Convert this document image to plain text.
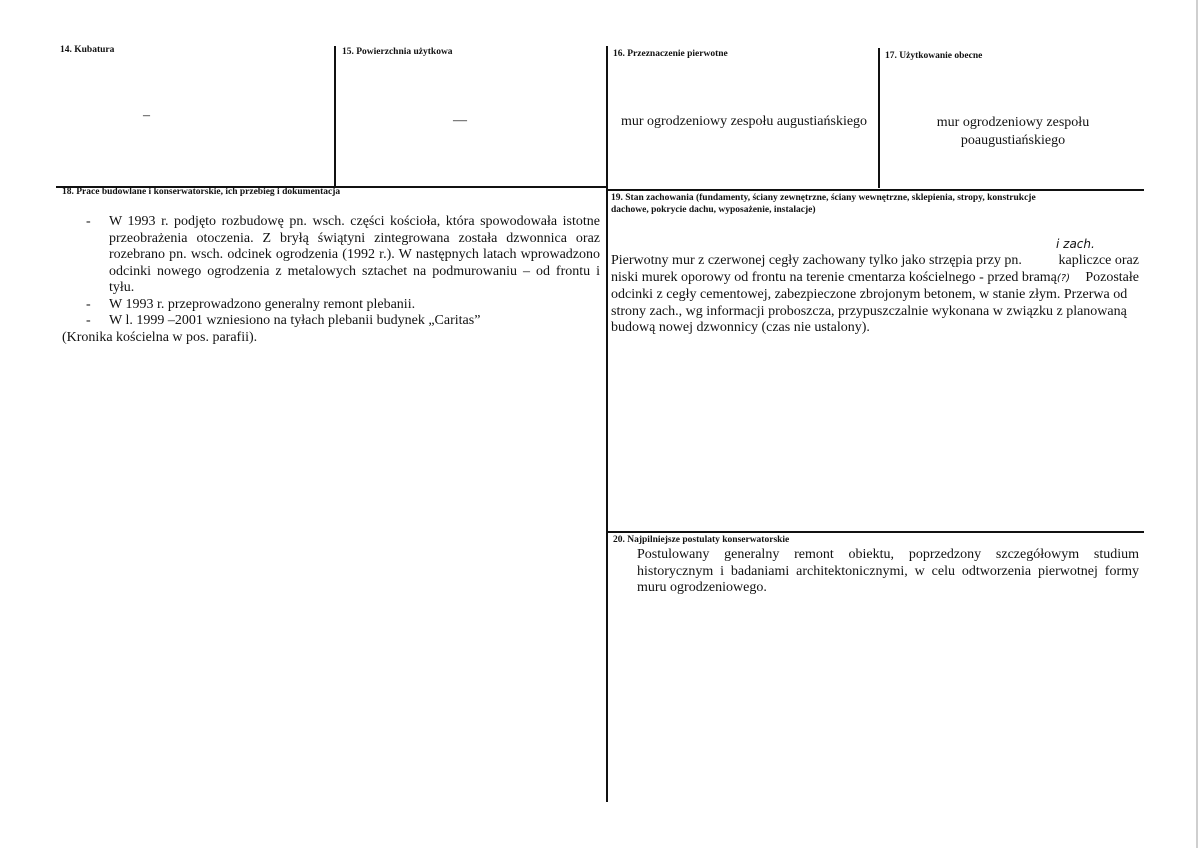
14. Kubatura
–
15. Powierzchnia użytkowa
—
16. Przeznaczenie pierwotne
mur ogrodzeniowy zespołu augustiańskiego
17. Użytkowanie obecne
mur ogrodzeniowy zespołu
poaugustiańskiego
18. Prace budowlane i konserwatorskie, ich przebieg i dokumentacja
- W 1993 r. podjęto rozbudowę pn. wsch. części kościoła, która spowodowała istotne przeobrażenia otoczenia. Z bryłą świątyni zintegrowana została dzwonnica oraz rozebrano pn. wsch. odcinek ogrodzenia (1992 r.). W następnych latach wprowadzono odcinki nowego ogrodzenia z metalowych sztachet na podmurowaniu – od frontu i tyłu.
- W 1993 r. przeprowadzono generalny remont plebanii.
- W l. 1999 –2001 wzniesiono na tyłach plebanii budynek „Caritas”
(Kronika kościelna w pos. parafii).
19. Stan zachowania (fundamenty, ściany zewnętrzne, ściany wewnętrzne, sklepienia, stropy, konstrukcje
dachowe, pokrycie dachu, wyposażenie, instalacje)
i zach.
Pierwotny mur z czerwonej cegły zachowany tylko jako strzępia przy pn.	kapliczce oraz
niski murek oporowy od frontu na terenie cmentarza kościelnego - przed bramą(?) Pozostałe
odcinki z cegły cementowej, zabezpieczone zbrojonym betonem, w stanie złym. Przerwa od
strony zach., wg informacji proboszcza, przypuszczalnie wykonana w związku z planowaną
budową nowej dzwonnicy (czas nie ustalony).
20. Najpilniejsze postulaty konserwatorskie
Postulowany generalny remont obiektu, poprzedzony szczegółowym studium historycznym i badaniami architektonicznymi, w celu odtworzenia pierwotnej formy muru ogrodzeniowego.
